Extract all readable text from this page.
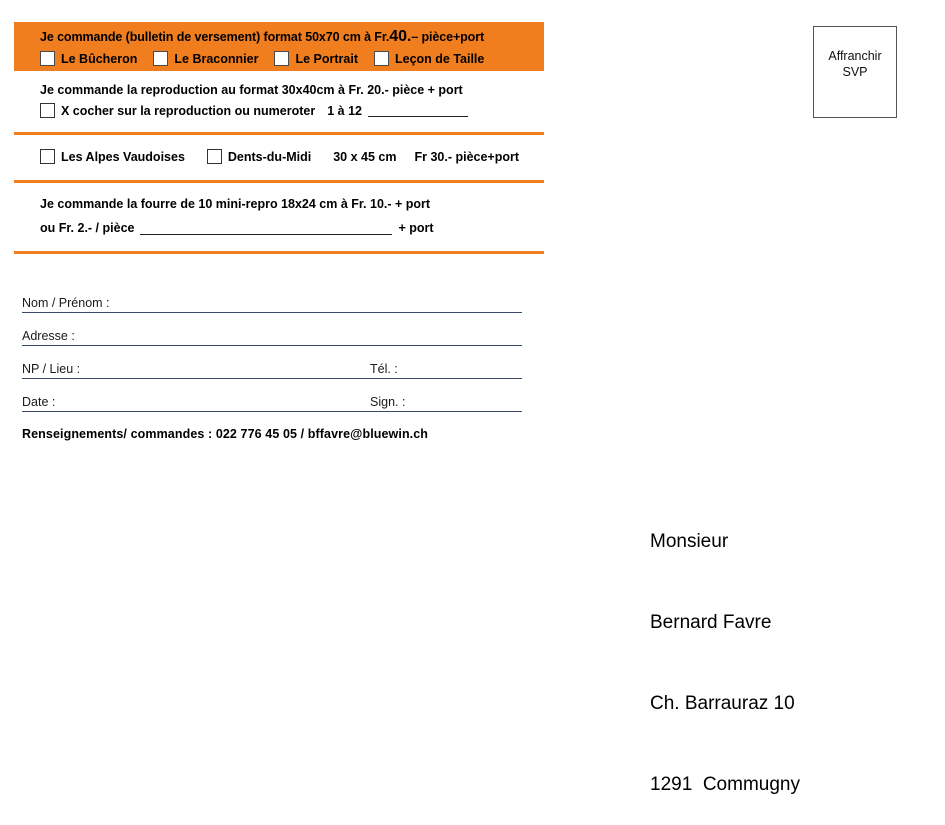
Je commande (bulletin de versement) format 50x70 cm à Fr.40.– pièce+port
Le Bûcheron	Le Braconnier	Le Portrait	Leçon de Taille
Je commande la reproduction au format 30x40cm à Fr. 20.- pièce + port
X cocher sur la reproduction ou numeroter 1 à 12
Les Alpes Vaudoises	Dents-du-Midi 30 x 45 cm Fr 30.- pièce+port
Je commande la fourre de 10 mini-repro 18x24 cm à Fr. 10.- + port
ou Fr. 2.- / pièce	+ port
Nom / Prénom :
Adresse :
NP / Lieu :	Tél. :
Date :	Sign. :
Renseignements/ commandes : 022 776 45 05 / bffavre@bluewin.ch
Affranchir
SVP

Monsieur

Bernard Favre

Ch. Barrauraz 10

1291  Commugny
